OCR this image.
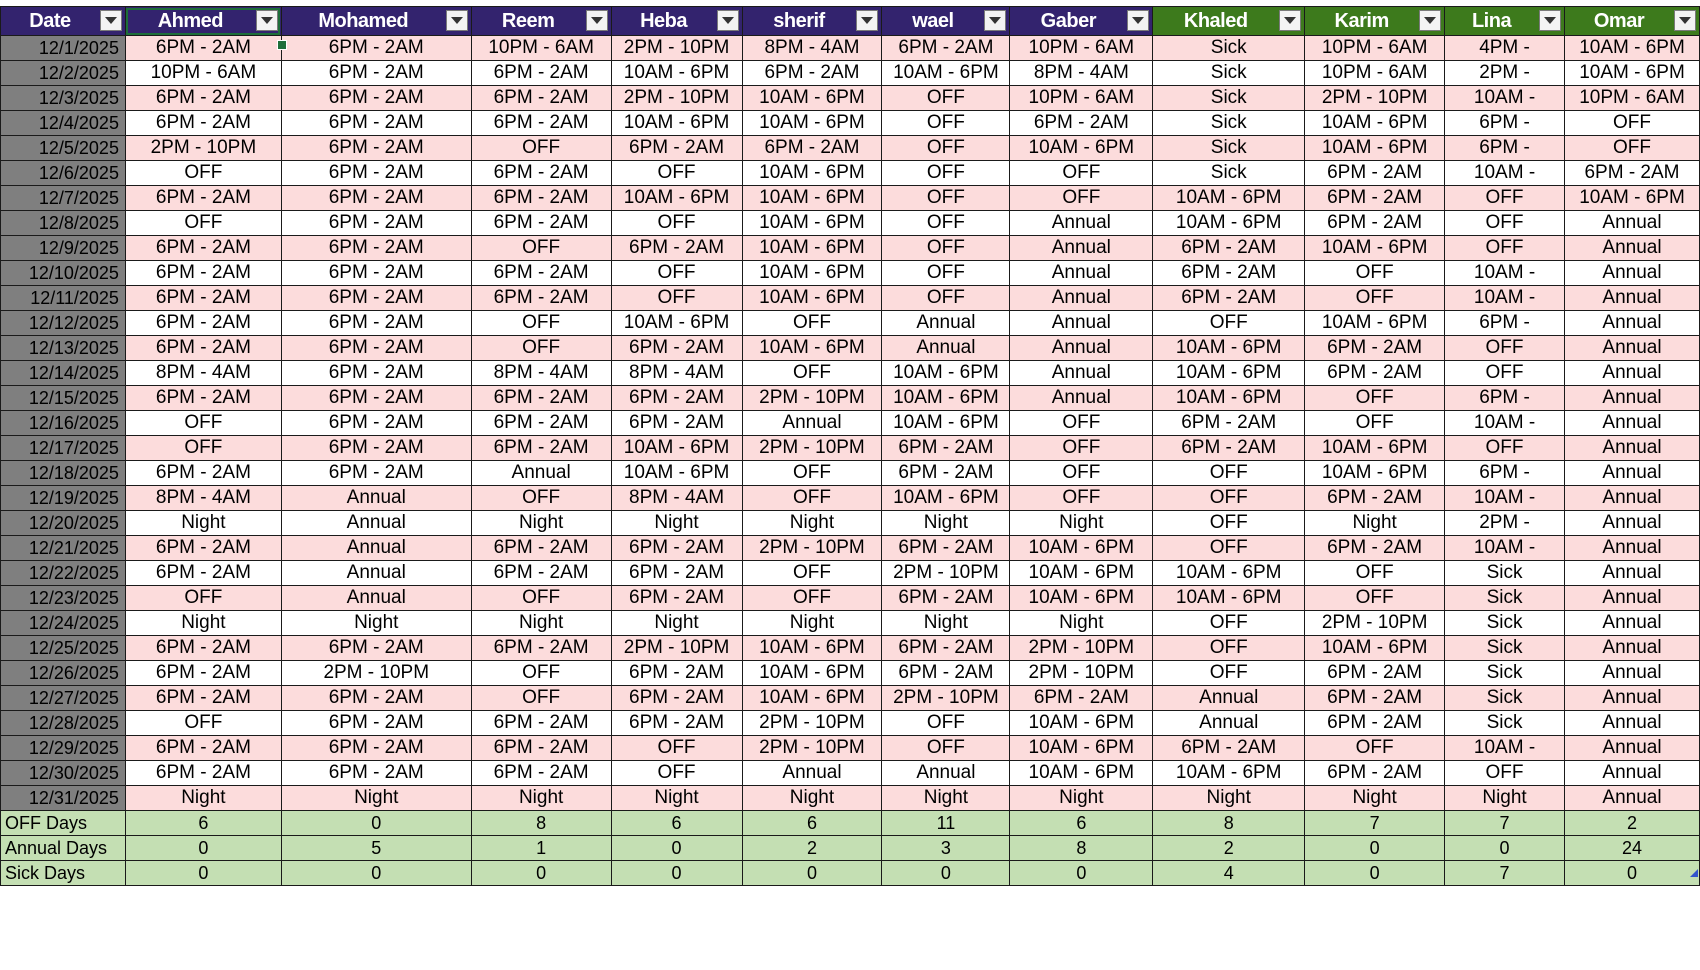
Date	Ahmed	Mohamed	Reem	Heba	sherif	wael	Gaber	Khaled	Karim	Lina	Omar

12/1/2025	6PM - 2AM	6PM - 2AM	10PM - 6AM	2PM - 10PM	8PM - 4AM	6PM - 2AM	10PM - 6AM	Sick	10PM - 6AM	4PM -	10AM - 6PM
12/2/2025	10PM - 6AM	6PM - 2AM	6PM - 2AM	10AM - 6PM	6PM - 2AM	10AM - 6PM	8PM - 4AM	Sick	10PM - 6AM	2PM -	10AM - 6PM
12/3/2025	6PM - 2AM	6PM - 2AM	6PM - 2AM	2PM - 10PM	10AM - 6PM	OFF	10PM - 6AM	Sick	2PM - 10PM	10AM -	10PM - 6AM
12/4/2025	6PM - 2AM	6PM - 2AM	6PM - 2AM	10AM - 6PM	10AM - 6PM	OFF	6PM - 2AM	Sick	10AM - 6PM	6PM -	OFF
12/5/2025	2PM - 10PM	6PM - 2AM	OFF	6PM - 2AM	6PM - 2AM	OFF	10AM - 6PM	Sick	10AM - 6PM	6PM -	OFF
12/6/2025	OFF	6PM - 2AM	6PM - 2AM	OFF	10AM - 6PM	OFF	OFF	Sick	6PM - 2AM	10AM -	6PM - 2AM
12/7/2025	6PM - 2AM	6PM - 2AM	6PM - 2AM	10AM - 6PM	10AM - 6PM	OFF	OFF	10AM - 6PM	6PM - 2AM	OFF	10AM - 6PM
12/8/2025	OFF	6PM - 2AM	6PM - 2AM	OFF	10AM - 6PM	OFF	Annual	10AM - 6PM	6PM - 2AM	OFF	Annual
12/9/2025	6PM - 2AM	6PM - 2AM	OFF	6PM - 2AM	10AM - 6PM	OFF	Annual	6PM - 2AM	10AM - 6PM	OFF	Annual
12/10/2025	6PM - 2AM	6PM - 2AM	6PM - 2AM	OFF	10AM - 6PM	OFF	Annual	6PM - 2AM	OFF	10AM -	Annual
12/11/2025	6PM - 2AM	6PM - 2AM	6PM - 2AM	OFF	10AM - 6PM	OFF	Annual	6PM - 2AM	OFF	10AM -	Annual
12/12/2025	6PM - 2AM	6PM - 2AM	OFF	10AM - 6PM	OFF	Annual	Annual	OFF	10AM - 6PM	6PM -	Annual
12/13/2025	6PM - 2AM	6PM - 2AM	OFF	6PM - 2AM	10AM - 6PM	Annual	Annual	10AM - 6PM	6PM - 2AM	OFF	Annual
12/14/2025	8PM - 4AM	6PM - 2AM	8PM - 4AM	8PM - 4AM	OFF	10AM - 6PM	Annual	10AM - 6PM	6PM - 2AM	OFF	Annual
12/15/2025	6PM - 2AM	6PM - 2AM	6PM - 2AM	6PM - 2AM	2PM - 10PM	10AM - 6PM	Annual	10AM - 6PM	OFF	6PM -	Annual
12/16/2025	OFF	6PM - 2AM	6PM - 2AM	6PM - 2AM	Annual	10AM - 6PM	OFF	6PM - 2AM	OFF	10AM -	Annual
12/17/2025	OFF	6PM - 2AM	6PM - 2AM	10AM - 6PM	2PM - 10PM	6PM - 2AM	OFF	6PM - 2AM	10AM - 6PM	OFF	Annual
12/18/2025	6PM - 2AM	6PM - 2AM	Annual	10AM - 6PM	OFF	6PM - 2AM	OFF	OFF	10AM - 6PM	6PM -	Annual
12/19/2025	8PM - 4AM	Annual	OFF	8PM - 4AM	OFF	10AM - 6PM	OFF	OFF	6PM - 2AM	10AM -	Annual
12/20/2025	Night	Annual	Night	Night	Night	Night	Night	OFF	Night	2PM -	Annual
12/21/2025	6PM - 2AM	Annual	6PM - 2AM	6PM - 2AM	2PM - 10PM	6PM - 2AM	10AM - 6PM	OFF	6PM - 2AM	10AM -	Annual
12/22/2025	6PM - 2AM	Annual	6PM - 2AM	6PM - 2AM	OFF	2PM - 10PM	10AM - 6PM	10AM - 6PM	OFF	Sick	Annual
12/23/2025	OFF	Annual	OFF	6PM - 2AM	OFF	6PM - 2AM	10AM - 6PM	10AM - 6PM	OFF	Sick	Annual
12/24/2025	Night	Night	Night	Night	Night	Night	Night	OFF	2PM - 10PM	Sick	Annual
12/25/2025	6PM - 2AM	6PM - 2AM	6PM - 2AM	2PM - 10PM	10AM - 6PM	6PM - 2AM	2PM - 10PM	OFF	10AM - 6PM	Sick	Annual
12/26/2025	6PM - 2AM	2PM - 10PM	OFF	6PM - 2AM	10AM - 6PM	6PM - 2AM	2PM - 10PM	OFF	6PM - 2AM	Sick	Annual
12/27/2025	6PM - 2AM	6PM - 2AM	OFF	6PM - 2AM	10AM - 6PM	2PM - 10PM	6PM - 2AM	Annual	6PM - 2AM	Sick	Annual
12/28/2025	OFF	6PM - 2AM	6PM - 2AM	6PM - 2AM	2PM - 10PM	OFF	10AM - 6PM	Annual	6PM - 2AM	Sick	Annual
12/29/2025	6PM - 2AM	6PM - 2AM	6PM - 2AM	OFF	2PM - 10PM	OFF	10AM - 6PM	6PM - 2AM	OFF	10AM -	Annual
12/30/2025	6PM - 2AM	6PM - 2AM	6PM - 2AM	OFF	Annual	Annual	10AM - 6PM	10AM - 6PM	6PM - 2AM	OFF	Annual
12/31/2025	Night	Night	Night	Night	Night	Night	Night	Night	Night	Night	Annual
OFF Days	6	0	8	6	6	11	6	8	7	7	2
Annual Days	0	5	1	0	2	3	8	2	0	0	24
Sick Days	0	0	0	0	0	0	0	4	0	7	0
